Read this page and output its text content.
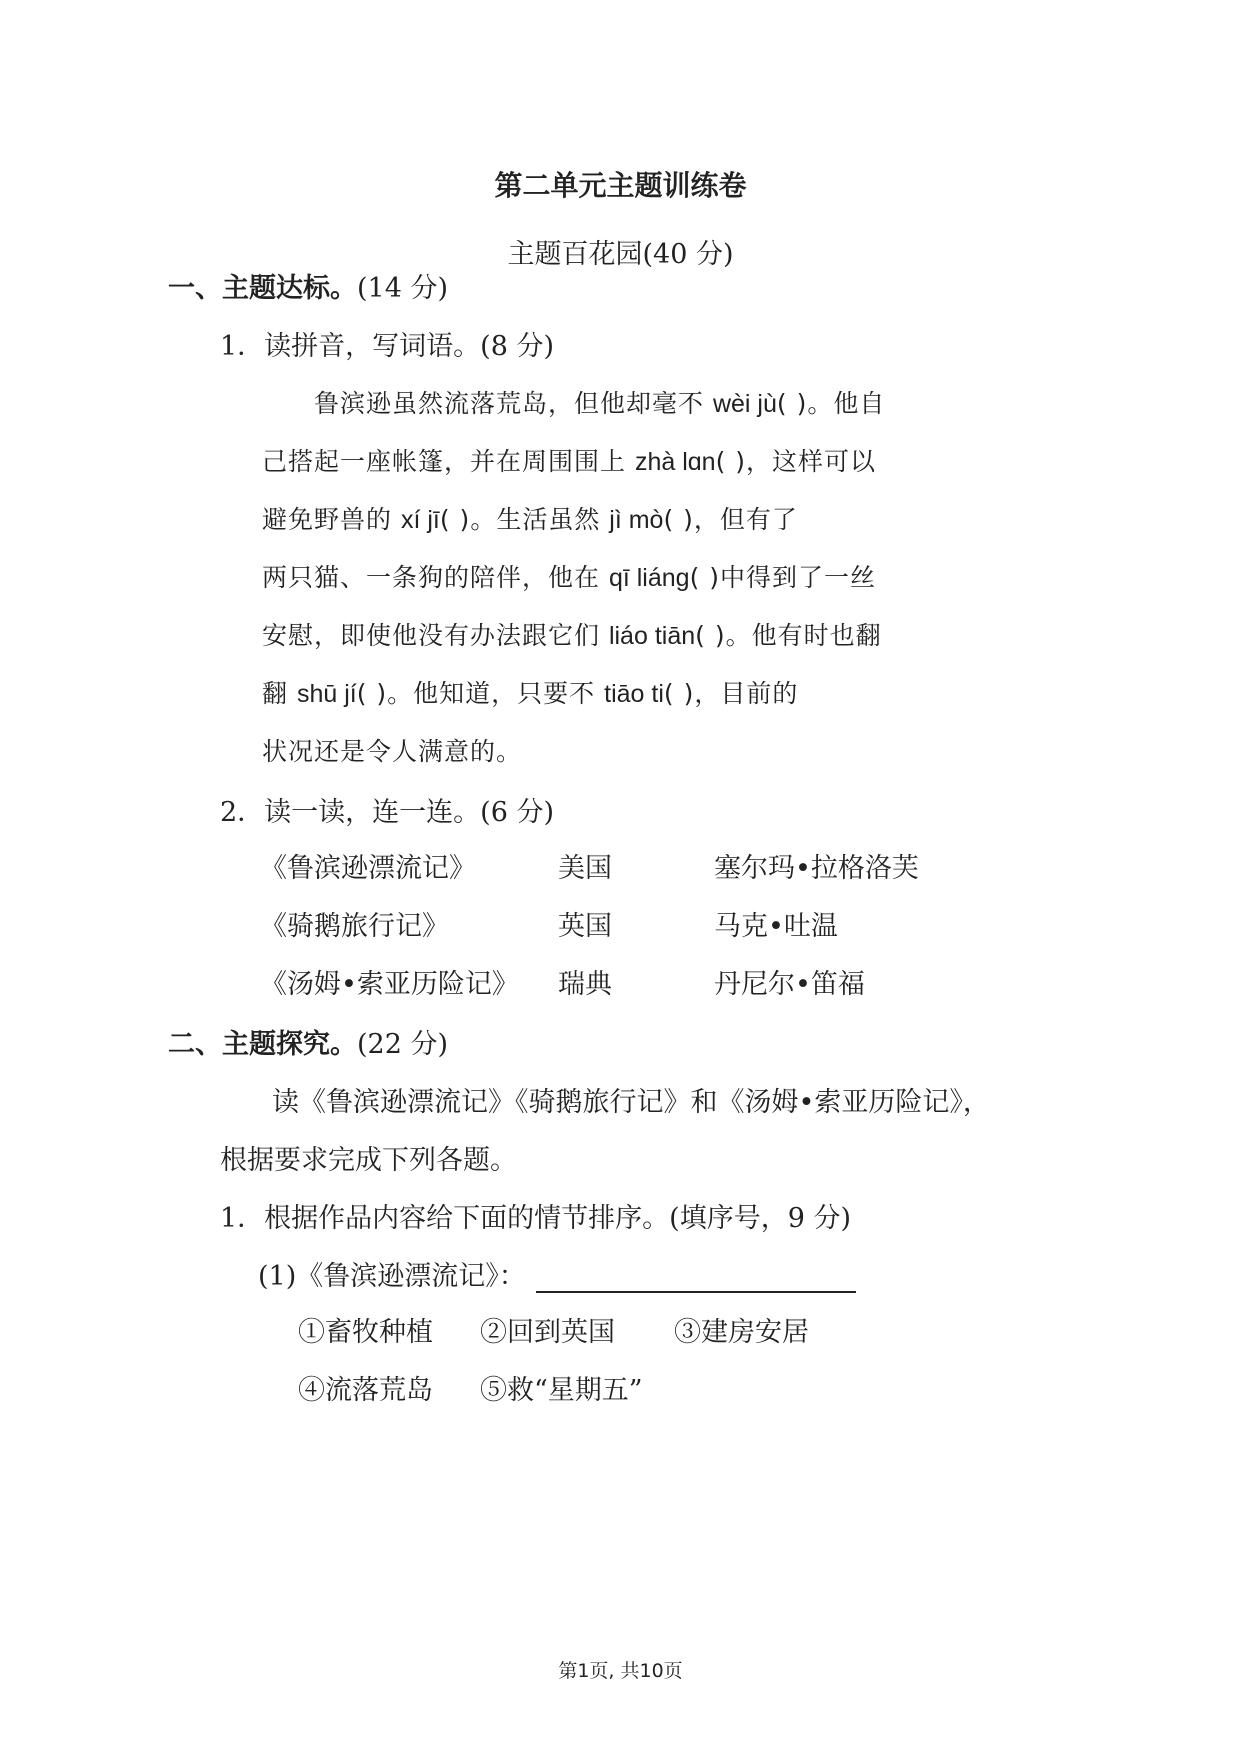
第二单元主题训练卷
主题百花园(40 分)
一、主题达标。(14 分)
1．读拼音，写词语。(8 分)
鲁滨逊虽然流落荒岛，但他却毫不 wèi jù( )。他自
己搭起一座帐篷，并在周围围上 zhà lɑn( )，这样可以
避免野兽的 xí jī( )。生活虽然 jì mò( )，但有了
两只猫、一条狗的陪伴，他在 qī liáng( )中得到了一丝
安慰，即使他没有办法跟它们 liáo tiān( )。他有时也翻
翻 shū jí( )。他知道，只要不 tiāo ti( )，目前的
状况还是令人满意的。
2．读一读，连一连。(6 分)
《鲁滨逊漂流记》
《骑鹅旅行记》
《汤姆•索亚历险记》
美国
英国
瑞典
塞尔玛•拉格洛芙
马克•吐温
丹尼尔•笛福
二、主题探究。(22 分)
读《鲁滨逊漂流记》《骑鹅旅行记》和《汤姆•索亚历险记》，
根据要求完成下列各题。
1．根据作品内容给下面的情节排序。(填序号，9 分)
(1)《鲁滨逊漂流记》：
①畜牧种植 ②回到英国 ③建房安居
④流落荒岛 ⑤救“星期五”
第1页, 共10页
